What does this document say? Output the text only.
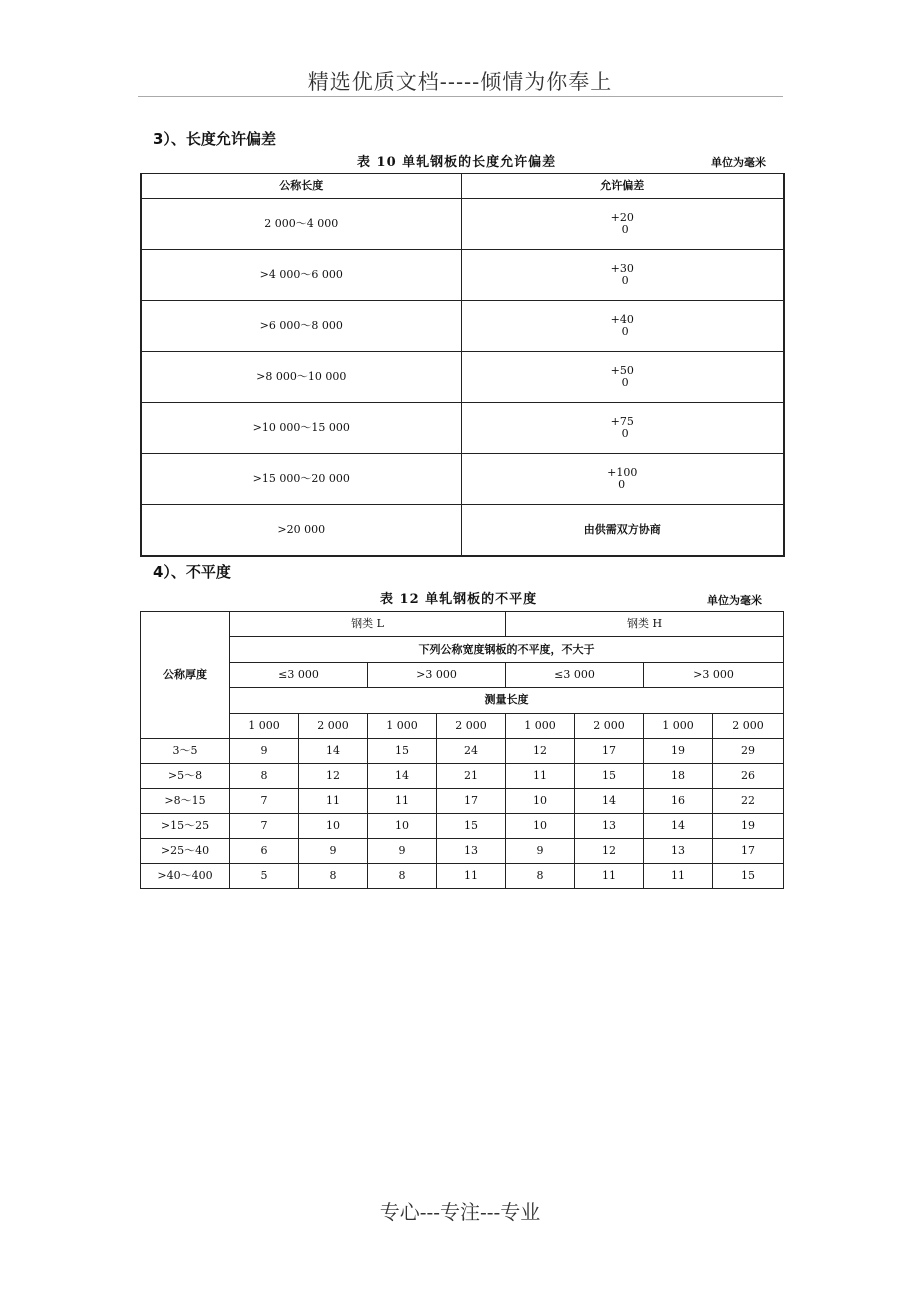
精选优质文档-----倾情为你奉上
3）、长度允许偏差
表 10 单轧钢板的长度允许偏差	单位为毫米
公称长度	允许偏差
2 000～4 000	+20
0

>4 000～6 000	+30
0

>6 000～8 000	+40
0

>8 000～10 000	+50
0

>10 000～15 000	+75
0

>15 000～20 000	+100
0

>20 000	由供需双方协商
4）、不平度
表 12 单轧钢板的不平度	单位为毫米
公称厚度	钢类 L				钢类 H			
	下列公称宽度钢板的不平度，不大于							
	≤3 000		>3 000		≤3 000		>3 000	
	测量长度							
	1 000	2 000	1 000	2 000	1 000	2 000	1 000	2 000
3～5	9	14	15	24	12	17	19	29
>5～8	8	12	14	21	11	15	18	26
>8～15	7	11	11	17	10	14	16	22
>15～25	7	10	10	15	10	13	14	19
>25～40	6	9	9	13	9	12	13	17
>40～400	5	8	8	11	8	11	11	15
专心---专注---专业
